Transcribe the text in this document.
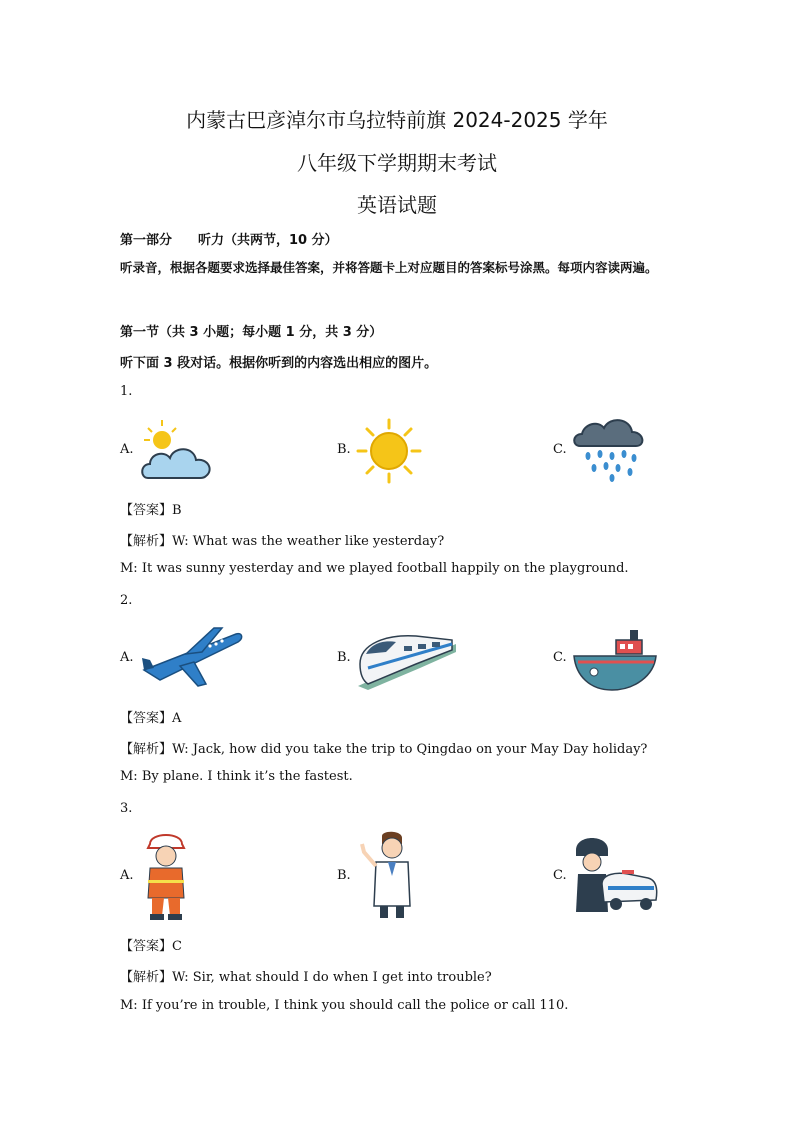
内蒙古巴彦淖尔市乌拉特前旗 2024-2025 学年
八年级下学期期末考试
英语试题
第一部分　　听力（共两节，10 分）
听录音，根据各题要求选择最佳答案，并将答题卡上对应题目的答案标号涂黑。每项内容读两遍。
第一节（共 3 小题；每小题 1 分，共 3 分）
听下面 3 段对话。根据你听到的内容选出相应的图片。
1.
A.	B.	C.
【答案】B
【解析】W: What was the weather like yesterday?
M: It was sunny yesterday and we played football happily on the playground.
2.
A.	B.	C.
【答案】A
【解析】W: Jack, how did you take the trip to Qingdao on your May Day holiday?
M: By plane. I think it’s the fastest.
3.
A.	B.	C.
【答案】C
【解析】W: Sir, what should I do when I get into trouble?
M: If you’re in trouble, I think you should call the police or call 110.
